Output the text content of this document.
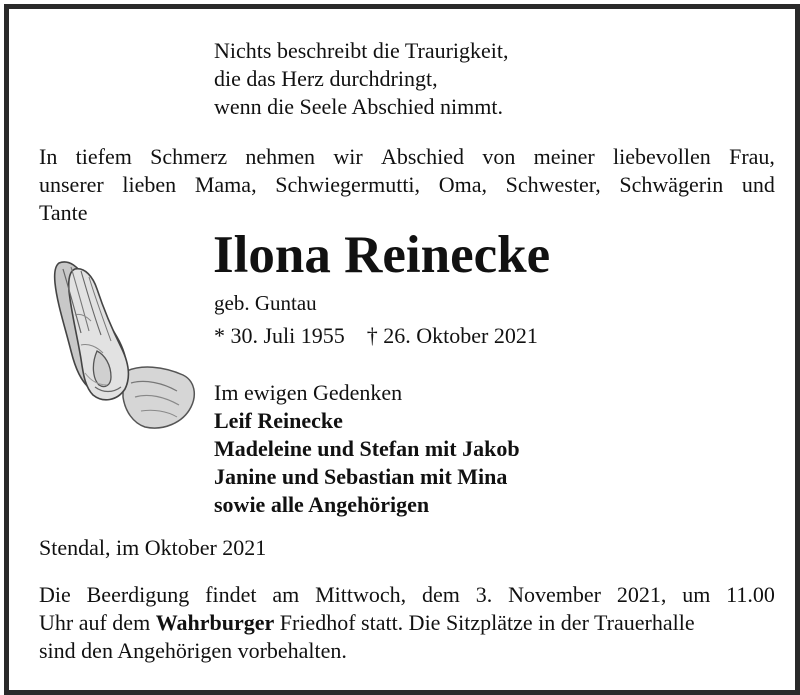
Nichts beschreibt die Traurigkeit,
die das Herz durchdringt,
wenn die Seele Abschied nimmt.
In tiefem Schmerz nehmen wir Abschied von meiner liebevollen Frau,
unserer lieben Mama, Schwiegermutti, Oma, Schwester, Schwägerin und
Tante
Ilona Reinecke
geb. Guntau
* 30. Juli 1955 † 26. Oktober 2021
Im ewigen Gedenken
Leif Reinecke
Madeleine und Stefan mit Jakob
Janine und Sebastian mit Mina
sowie alle Angehörigen
Stendal, im Oktober 2021
Die Beerdigung findet am Mittwoch, dem 3. November 2021, um 11.00
Uhr auf dem Wahrburger Friedhof statt. Die Sitzplätze in der Trauerhalle
sind den Angehörigen vorbehalten.
